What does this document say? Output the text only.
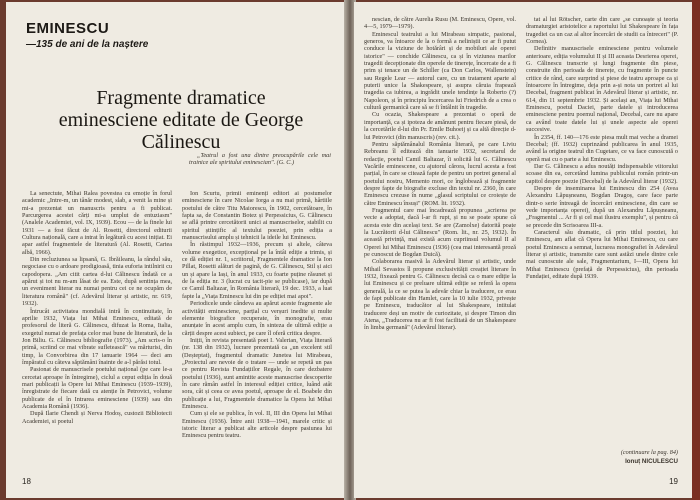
EMINESCU
—135 de ani de la naștere
Fragmente dramatice eminesciene editate de George Călinescu

„Teatrul a fost una dintre preocupările cele mai trainice ale spiritului eminescian". (G. C.)

La senectute, Mihai Ralea povestea cu emoție în forul academic „Intre-m, un tânăr modest, slab, a venit la mine și mi-a prezentat un manuscris pentru a fi publicat. Parcurgerea acestei cărți mi-a umplut de entuziasm" (Analele Academiei, vol. IX, 1939). Ecou — de la finele lui 1931 — a fost făcut de Al. Rosetti, directorul editurii Cultura națională, care a intrat în legătură cu acest inițiat. Ei apar astfel fragmentele de literatură (Al. Rosetti, Cartea albă, 1966).

Din recluziunea sa lipsană, G. Ibrăileanu, la rândul său, negociase cu o ardoare prodigioasă, tinia euforia intilnirii cu capodopera. „Am citit cartea d-lui Călinescu îndată ce a apărut și tot nu m-am lăsat de ea. Este, după sentința mea, un eveniment literar nu numai pentru cei ce ne ocupăm de literatura română" (cf. Adevărul literar și artistic, nr. 619, 1932).

Întrucât activitatea mondială intră în continuitate, în aprilie 1932, Viața lui Mihai Eminescu, editată de profesorul de literă G. Călinescu, difuzat la Roma, Italia, exegetul numai de prefața celor mai bune de literatură, de la Jon Biliu. G. Călinescu bibliografie (1973). „Am scris-o în primă, scriind ce mai vibrate sufletească" va mărturisi, din timp, la Convorbirea din 17 ianuarie 1964 — deci am împăratul cu câteva săptămâni înainte de a-l părăsi totul.

Pasionat de manuscrisele poetului național (pe care le-a cercetat aproape în întregime), ciclul a ceput ediția în două mari publicații la Opere lui Mihai Eminescu (1939–1939), înregistrate de fiecare dată cu atenție în Petrovici, volume publicate de el în Intrarea eminesciene (1939) sau din Academia Română (1936).

După Ilarie Chendi și Nerva Hodoș, custozii Bibliotecii Academiei, si poetul

Ion Scurtu, primii eminenți editori ai postumelor eminesciene în care Nicolae Iorga a nu mai primă, hârtiile poetului de către Titu Maiorescu, în 1902, cercetătoare, în fapta sa, de Constantin Botez și Perpessicius, G. Călinescu se află printre cercetătorii unici ai manuscriselor, stabilit cu spiritul științific al textului poeziei, prin ediția a manuscrisului amplu și tehnicii la ideile lui Eminescu.

În răstimpul 1932—1936, precum și altele, câteva volume exegetice, excepțional pe la întâi ediție a trimis, și ce dă ediției nr. 1, scriitorul, Fragmentele dramatice la Ion Pillat, Rosetti alături de pagină, de G. Călinescu, Stil și aici un și apare la Iași, în anul 1933, cu foarte puține răsunet și de la ediția nr. 3 (lucrat cu tacit-pie se publicase), iar după ce Camil Baltazar, în România literară, 19 dec. 1933, a luat fapte la „Viața Eminescu lui din pe ediției mai apoi".

Periodicele unde cândeva au apărut aceste fragmente ale activității eminesciene, parțial cu verșuri inedite și multe elemente biografice recuperate, în monografie, erau anunțate în acest amplu cum, în sinteza de ultimă ediție a cărții despre acest subiect, pe care îl oferă critica despre.

Iniții, în revista presentată poet I. Valerian, Viața literară (nr. 138 din 1932), lucrare prezentată ca „un excelent stil (Deșteptat), fragmentul dramatic Junetea lui Mirabeau, „Proiectul are nevoie de o tratare — unde se repetă un pas ce pentru Revista Fundațiilor Regale, în care dezbatere poetului (1936), sunt amintite aceste manuscrise descoperite în care rămân astfel în interesul ediției critice, luând atât sora, cât și ceea ce avea poetul, aproape de el. Boabele din publicație a lui, Fragmentele dramatice la Opera lui Mihai Eminescu.

Cum și ele se publica, în vol. II, III din Opera lui Mihai Eminescu (1936). Între anii 1938—1941, marele critic și istoric literar a publicat alte articole despre pasiunea lui Eminescu pentru teatru.

18

nescian, de către Aurelia Rusu (M. Eminescu, Opere, vol. 4—5, 1979—1979).

Eminescul teatrului a lui Mirabeau simpatic, pasional, generos, va întoarce de la o formă a neliniștii ce ar fi putut conduce la viziune de hotărâri și de mobiluri ale operei istorice" — conchide Călinescu, ca și în viziunea marilor tragedii decepționate din operele de tinerețe, încercate de a fi prim și tenace un de Schiller (ca Don Carlos, Wallenstein) sau Regele Lear — autorul care, cu un tratament aparte al puterii unice la Shakespeare, și asupra căruia frapează tragedia ca iubirea, a ingrădit unele tendințe la Roberto (?) Napoleon, și în principiu încercarea lui Friedrich de a crea o cultură germanică care să se fi întâlnit în tragedie.

Cu ocazia, Shakespeare a prezentat o operă de importanță, ca și ipoteza de amănunt pentru fiecare piesă, de la cercetările d-lui din Pr. Emile Buhoeij și ca altă direcție d-lui Petrovici (din manuscris) (rev. cit.).

Pentru săptămânalul România literară, pe care Liviu Rebreanu îl editează din ianuarie 1932, secretarul de redacție, poetul Camil Baltazar, îi solicită lui G. Călinescu Vacările eminescene, cu ajutorul cărora, lucrul acesta a fost parțial, în care se citează fapte de pentru un portret general al poetului nostru, Memento mori, ce înglobează și fragmente despre fapte de biografie excluse din textul nr. 2360, în care Eminescu crezuse în nume „glasul scriptului ce croiește de către Eminescu însuși" (ROM. lit. 1932).

Fragmentul care mai încadrează propunea „scrierea pe vecie a adoptat, dacă l-ar fi rupt, și nu se poate spune că acesta este din același text. Se are (Zamolxe) datorită poate la Lucrătorii d-lui Călinescu" (Rom. lit., nr. 25, 1932). În această privință, mai există acum cupriinsul volumul II al Operei lui Mihai Eminescu (1936) (cea mai interesantă proză pe cunoscut de Bogdan Duică).

Colaborarea masivă la Adevărul literar și artistic, unde Mihail Sevastos îl propune exclusivității creației literare în 1932, fixează pentru G. Călinescu decisă ca o mare ediție la lui Eminescu și ce preluare ultimă ediție se referă la opera generală, la ce se putea la adevăr chiar la traducere, ce erau de fapt publicate din Hamlet, care la 10 iulie 1932, privește pe Eminescu, traducător al lui Shakespeare, intitulat traducere deși un motiv de curiozitate, și despre Timon din Atena, „Traducerea nu ar fi fost facilitată de un Shakespeare în limba germană" (Adevărul literar).

tat al lui Rötscher, carte din care „se cunoaște și teoria dramaturgiei aristotelice a raportului lui Shakespeare în fața tragediei ca un caz al altor încercări de studii ca întreceri" (P. Cornea).

Definitiv manuscrisele eminesciene pentru volumele anterioare, ediția volumului II și III aceasta Desrierea operei, G. Călinescu transcrie și lungi fragmente din piese, construite din perioada de tinerețe, cu fragmente în puncte critice de rând, care surprind și piese de teatru aproape ca și întoarcere în întregime, deja prin a-și nota un portret al lui Decebal, fragment publicat în Adevărul literar și artistic, nr. 614, din 11 septembrie 1932. Și același an, Viața lui Mihai Eminescu, poetul Daciei, parte datele și introducerea eminesciene pentru poemul național, Decebal, care nu apare ca având toate datele lui și unele aspecte ale operei succesive.

În 2354, ff. 140—176 este piesa mult mai veche a dramei Decebal; (ff. 1932) cuprinzând publicarea în anul 1935, având la origine teatrul din Cugetare, ce va face cunoscută o operă mai cu o parte a lui Eminescu.

Dar G. Călinescu a adus noutăți indispensabile viitorului scoase din ea, cercetând lumina publicului român printr-un capitol despre poezie (Decebal) de la Adevărul literar (1932).

Despre de inseminarea lui Eminescu din 254 (Avea Alexandru Lăpușneanu, Bogdan Dragoș, care face parte dintr-o serie întreagă de încercări eminesciene, din care se vede importanța operei), după un Alexandru Lăpușneanu, „Fragmentul ... Ar fi și cel mai ilustru exemplu", și pentru că se precede din Scrisoarea III-a.

Caracterul său dramatic, că prin titlul poeziei, lui Eminescu, am aflat că Opera lui Mihai Eminescu, cu care poetul Eminescu a semnat, lucrarea monografiei în Adevărul literar și artistic, transmite care sunt astăzi unele dintre cele mai cunoscute ale sale, Fragmentarium, I—III, Opera lui Mihai Eminescu (prefață de Perpessicius), din perioada Fundației, editate după 1939.

(continuare la pag. 84)
Ionuț NICULESCU
19
